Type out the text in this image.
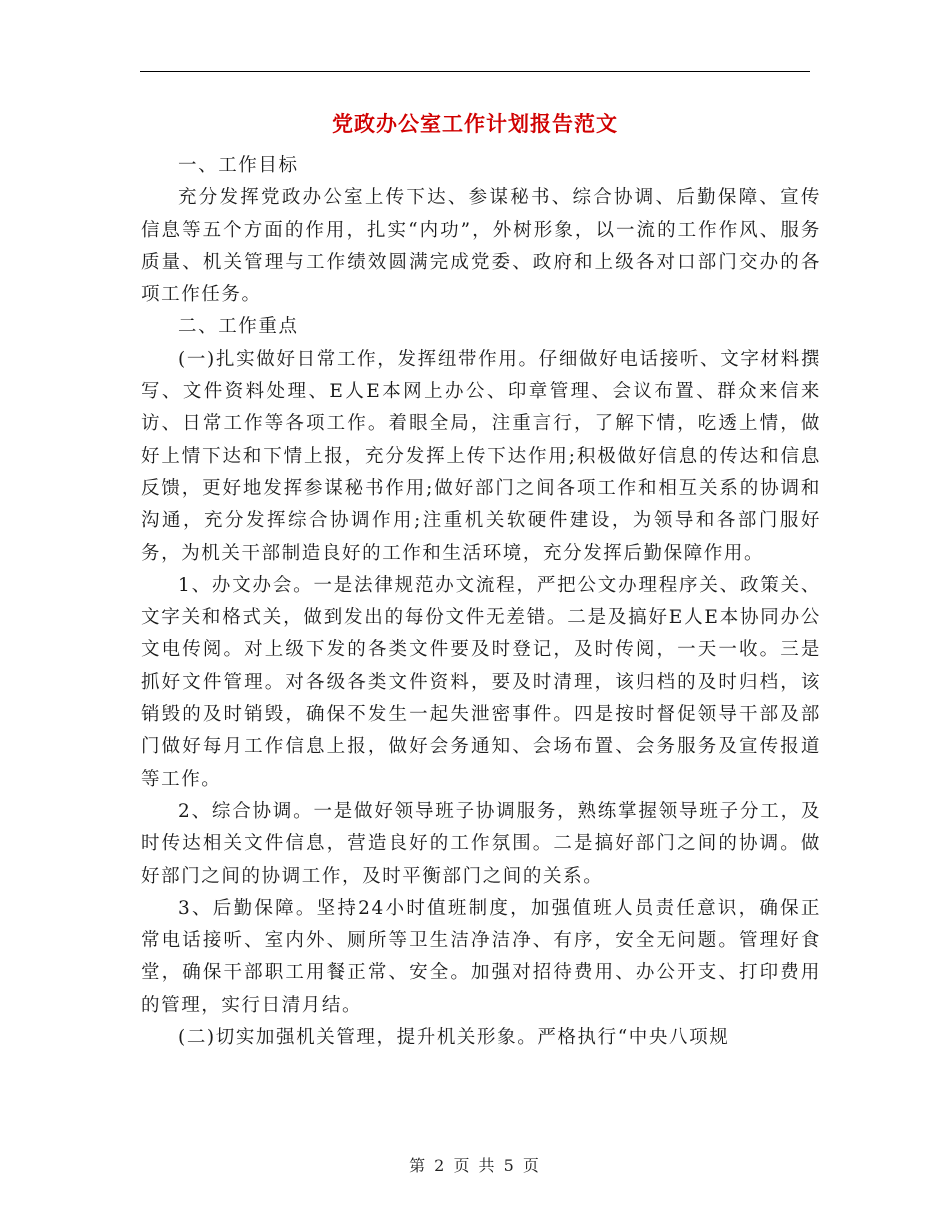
党政办公室工作计划报告范文

一、工作目标

充分发挥党政办公室上传下达、参谋秘书、综合协调、后勤保障、宣传信息等五个方面的作用，扎实“内功”，外树形象，以一流的工作作风、服务质量、机关管理与工作绩效圆满完成党委、政府和上级各对口部门交办的各项工作任务。

二、工作重点

(一)扎实做好日常工作，发挥纽带作用。仔细做好电话接听、文字材料撰写、文件资料处理、E人E本网上办公、印章管理、会议布置、群众来信来访、日常工作等各项工作。着眼全局，注重言行，了解下情，吃透上情，做好上情下达和下情上报，充分发挥上传下达作用;积极做好信息的传达和信息反馈，更好地发挥参谋秘书作用;做好部门之间各项工作和相互关系的协调和沟通，充分发挥综合协调作用;注重机关软硬件建设，为领导和各部门服好务，为机关干部制造良好的工作和生活环境，充分发挥后勤保障作用。

1、办文办会。一是法律规范办文流程，严把公文办理程序关、政策关、文字关和格式关，做到发出的每份文件无差错。二是及搞好E人E本协同办公文电传阅。对上级下发的各类文件要及时登记，及时传阅，一天一收。三是抓好文件管理。对各级各类文件资料，要及时清理，该归档的及时归档，该销毁的及时销毁，确保不发生一起失泄密事件。四是按时督促领导干部及部门做好每月工作信息上报，做好会务通知、会场布置、会务服务及宣传报道等工作。

2、综合协调。一是做好领导班子协调服务，熟练掌握领导班子分工，及时传达相关文件信息，营造良好的工作氛围。二是搞好部门之间的协调。做好部门之间的协调工作，及时平衡部门之间的关系。

3、后勤保障。坚持24小时值班制度，加强值班人员责任意识，确保正常电话接听、室内外、厕所等卫生洁净洁净、有序，安全无问题。管理好食堂，确保干部职工用餐正常、安全。加强对招待费用、办公开支、打印费用的管理，实行日清月结。

(二)切实加强机关管理，提升机关形象。严格执行“中央八项规

第 2 页 共 5 页
